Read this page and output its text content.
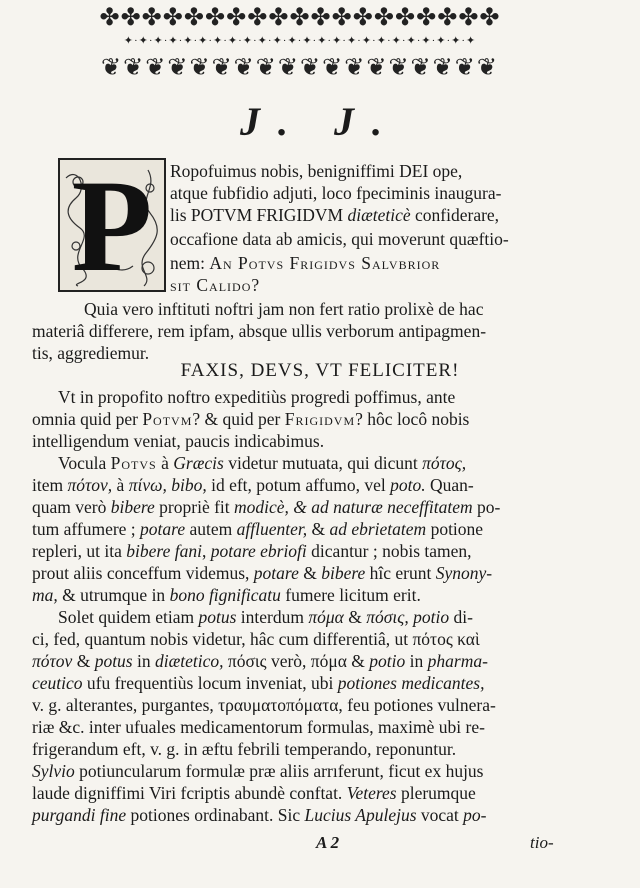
✤✤✤✤✤✤✤✤✤✤✤✤✤✤✤✤✤✤✤
✦·✦·✦·✦·✦·✦·✦·✦·✦·✦·✦·✦·✦·✦·✦·✦·✦·✦·✦·✦·✦·✦·✦·✦
❦❦❦❦❦❦❦❦❦❦❦❦❦❦❦❦❦❦
J. J.
P Ropofuimus nobis, benigniffimi DEI ope,
atque fubfidio adjuti, loco fpeciminis inaugura-
lis POTVM FRIGIDVM diæteticè confiderare,
occafione data ab amicis, qui moverunt quæftio-
nem: An Potvs Frigidvs Salvbrior
sit Calido?
Quia vero inftituti noftri jam non fert ratio prolixè de hac
materiâ differere, rem ipfam, absque ullis verborum antipagmen-
tis, aggrediemur.
FAXIS, DEVS, VT FELICITER!
Vt in propofito noftro expeditiùs progredi poffimus, ante
omnia quid per Potvm? & quid per Frigidvm? hôc locô nobis
intelligendum veniat, paucis indicabimus.
Vocula Potvs à Græcis videtur mutuata, qui dicunt πότος,
item πότον, à πίνω, bibo, id eft, potum affumo, vel poto. Quan-
quam verò bibere propriè fit modicè, & ad naturæ neceffitatem po-
tum affumere ; potare autem affluenter, & ad ebrietatem potione
repleri, ut ita bibere fani, potare ebriofi dicantur ; nobis tamen,
prout aliis conceffum videmus, potare & bibere hîc erunt Synony-
ma, & utrumque in bono fignificatu fumere licitum erit.
Solet quidem etiam potus interdum πόμα & πόσις, potio di-
ci, fed, quantum nobis videtur, hâc cum differentiâ, ut πότος καὶ
πότον & potus in diætetico, πόσις verò, πόμα & potio in pharma-
ceutico ufu frequentiùs locum inveniat, ubi potiones medicantes,
v. g. alterantes, purgantes, τραυματοπόματα, feu potiones vulnera-
riæ &c. inter ufuales medicamentorum formulas, maximè ubi re-
frigerandum eft, v. g. in æftu febrili temperando, reponuntur.
Sylvio potiuncularum formulæ præ aliis arrıferunt, ficut ex hujus
laude digniffimi Viri fcriptis abundè conftat. Veteres plerumque
purgandi fine potiones ordinabant. Sic Lucius Apulejus vocat po-
A 2	tio-
